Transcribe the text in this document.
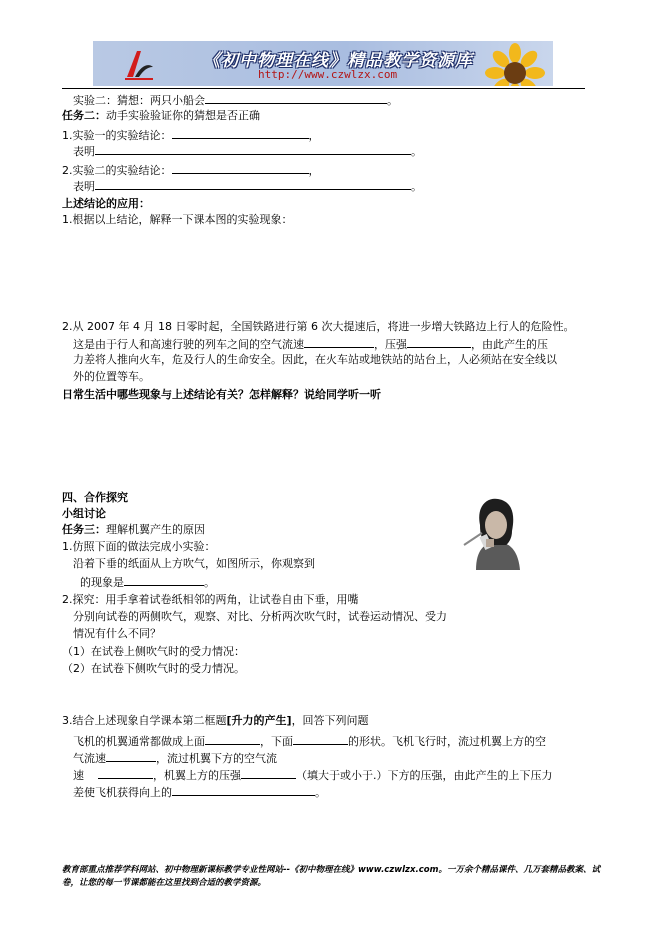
《初中物理在线》精品教学资源库
http://www.czwlzx.com
实验二：猜想：两只小船会	。
任务二：动手实验验证你的猜想是否正确
1.实验一的实验结论：	，
表明	。
2.实验二的实验结论：	，
表明	。
上述结论的应用：
1.根据以上结论，解释一下课本图的实验现象：
2.从 2007 年 4 月 18 日零时起，全国铁路进行第 6 次大提速后，将进一步增大铁路边上行人的危险性。
这是由于行人和高速行驶的列车之间的空气流速	，压强	，由此产生的压
力差将人推向火车，危及行人的生命安全。因此，在火车站或地铁站的站台上，人必须站在安全线以
外的位置等车。
日常生活中哪些现象与上述结论有关？怎样解释？说给同学听一听
四、合作探究
小组讨论
任务三：理解机翼产生的原因
1.仿照下面的做法完成小实验：
沿着下垂的纸面从上方吹气，如图所示，你观察到
的现象是	。
2.探究：用手拿着试卷纸相邻的两角，让试卷自由下垂，用嘴
分别向试卷的两侧吹气，观察、对比、分析两次吹气时，试卷运动情况、受力
情况有什么不同？
（1）在试卷上侧吹气时的受力情况：
（2）在试卷下侧吹气时的受力情况。
3.结合上述现象自学课本第二框题[升力的产生]，回答下列问题
飞机的机翼通常都做成上面	，下面	的形状。飞机飞行时，流过机翼上方的空
气流速	，流过机翼下方的空气流
速	，机翼上方的压强	（填大于或小于.）下方的压强，由此产生的上下压力
差使飞机获得向上的	。
教育部重点推荐学科网站、初中物理新课标教学专业性网站--《初中物理在线》www.czwlzx.com。一万余个精品课件、几万套精品教案、试卷，让您的每一节课都能在这里找到合适的教学资源。
